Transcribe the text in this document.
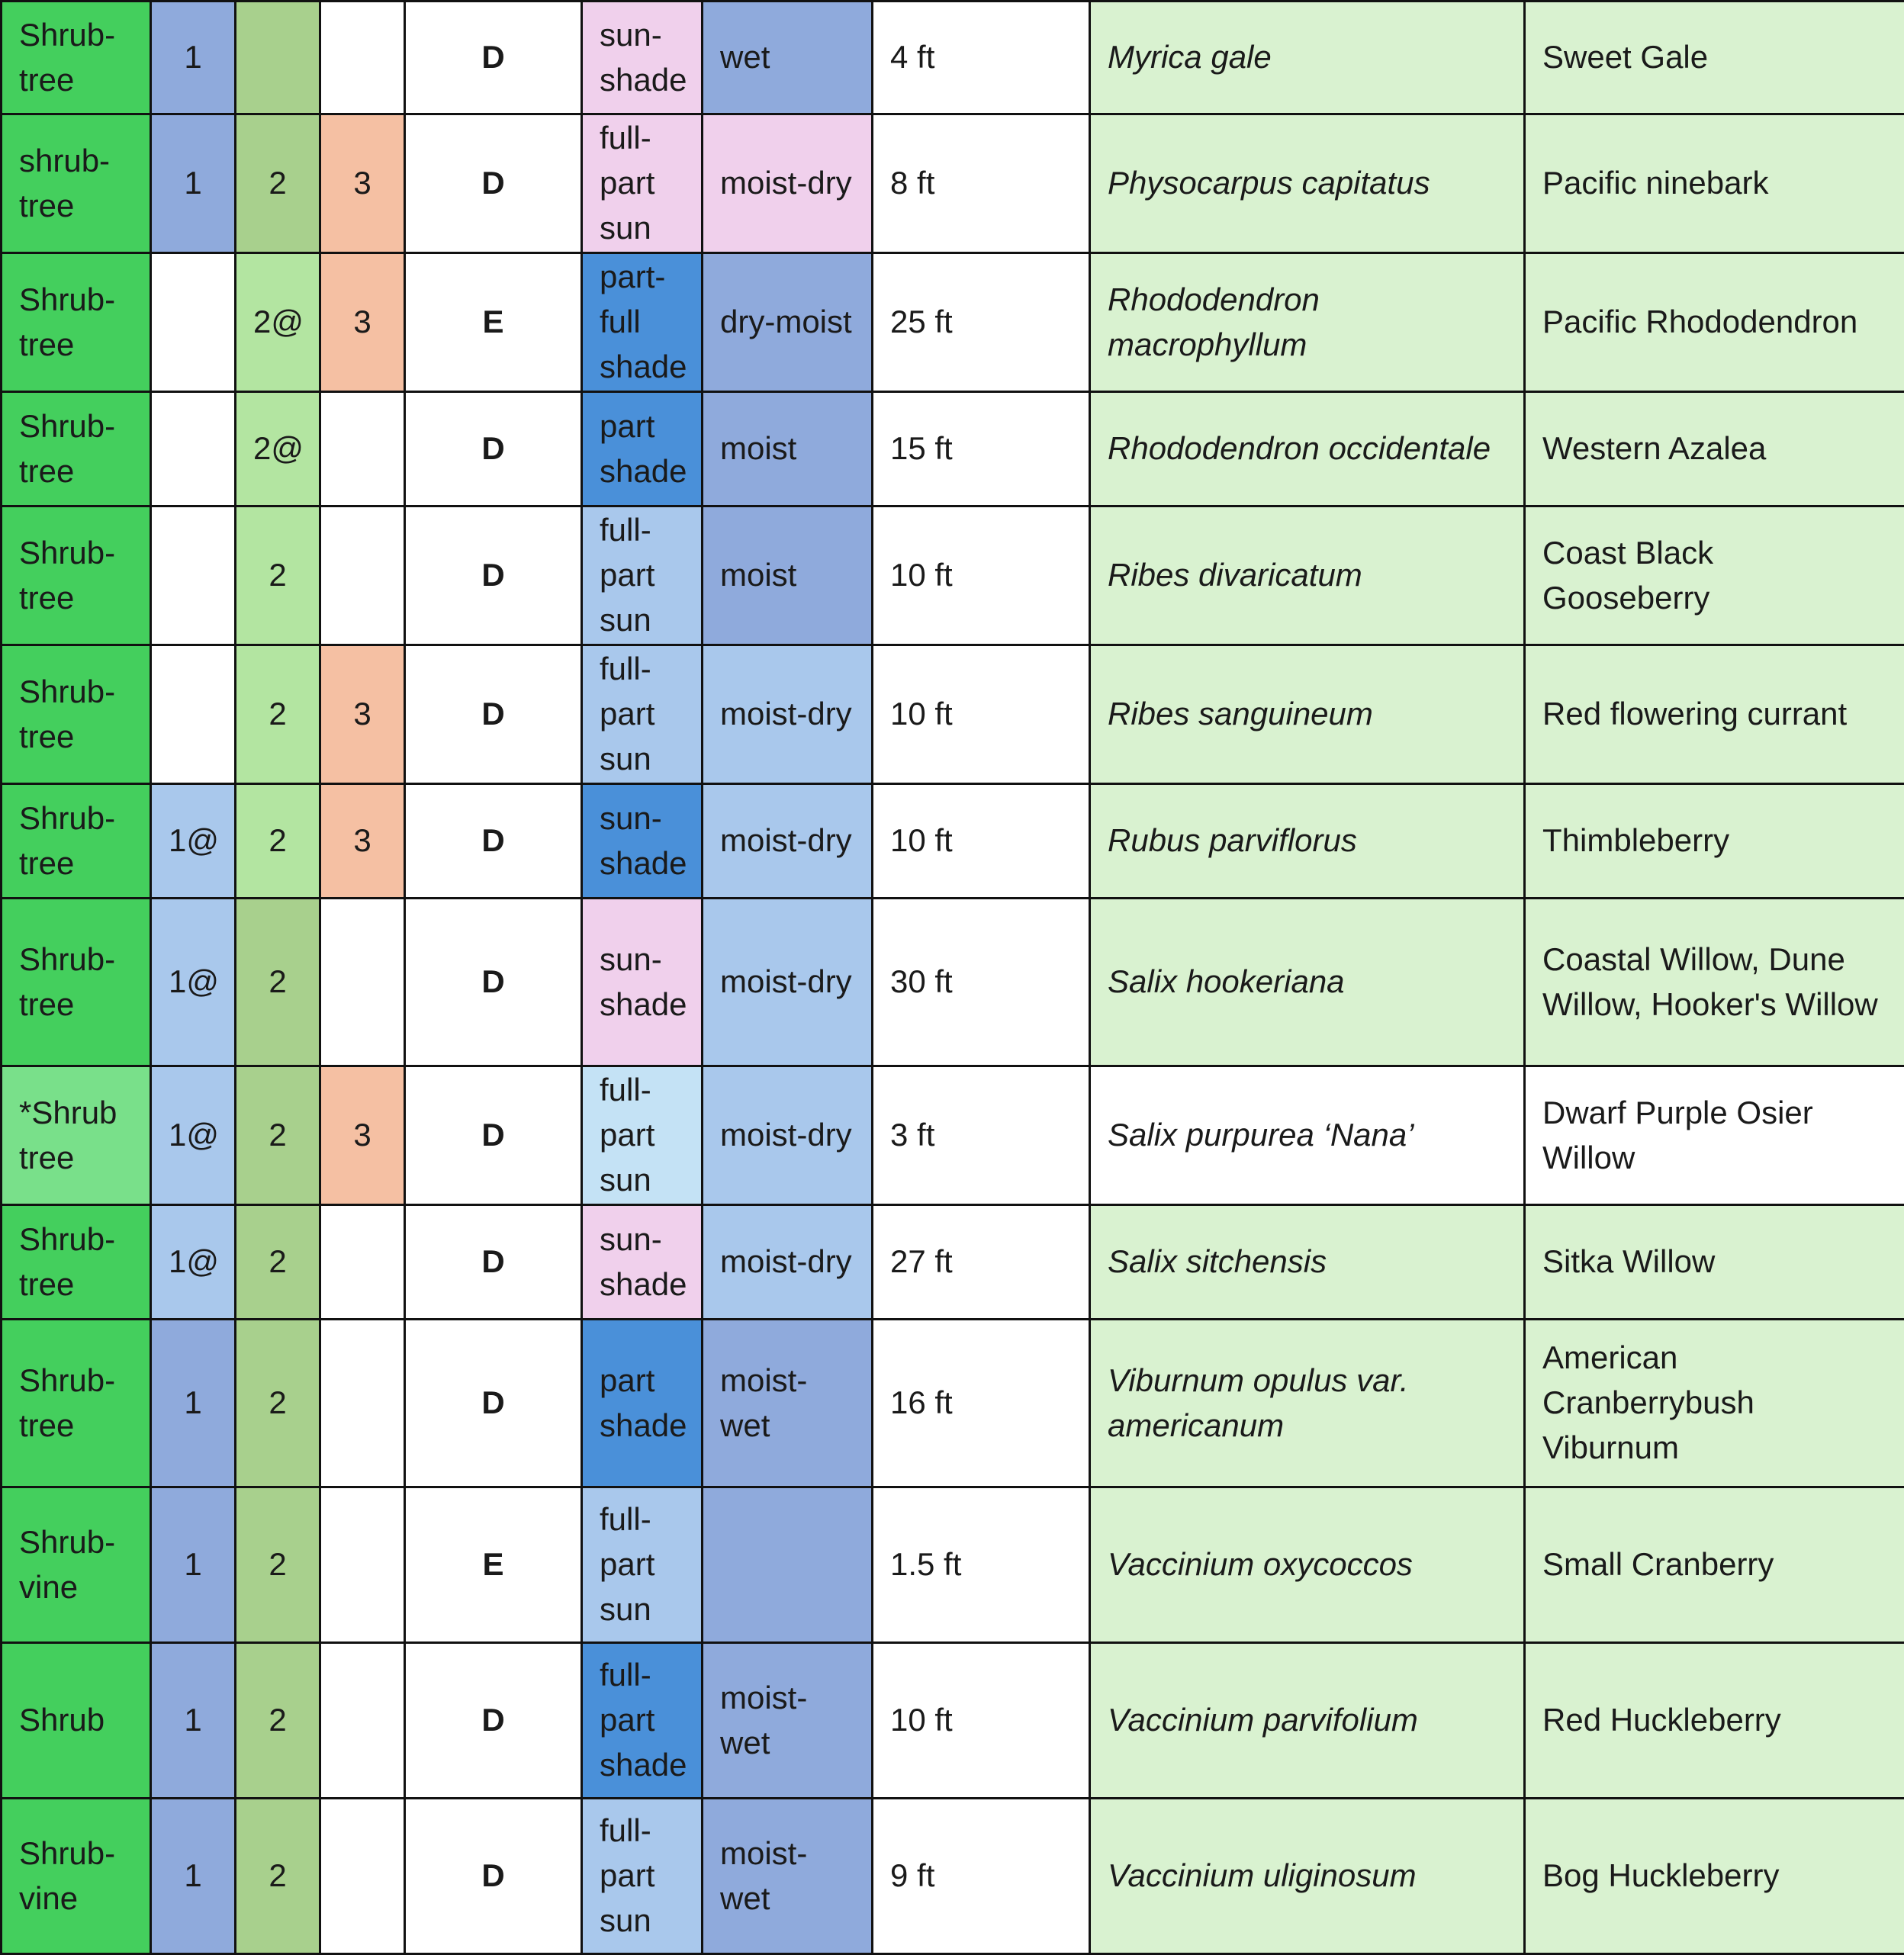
Shrub-tree	1			D	sun-
shade	wet	4 ft	Myrica gale	Sweet Gale
shrub-tree	1	2	3	D	full-
part
sun	moist-dry	8 ft	Physocarpus capitatus	Pacific ninebark
Shrub-tree		2@	3	E	part-
full
shade	dry-moist	25 ft	Rhododendron macrophyllum	Pacific Rhododendron
Shrub-tree		2@		D	part
shade	moist	15 ft	Rhododendron occidentale	Western Azalea
Shrub-tree		2		D	full-
part
sun	moist	10 ft	Ribes divaricatum	Coast Black Gooseberry
Shrub-tree		2	3	D	full-
part
sun	moist-dry	10 ft	Ribes sanguineum	Red flowering currant
Shrub-tree	1@	2	3	D	sun-
shade	moist-dry	10 ft	Rubus parviflorus	Thimbleberry
Shrub-tree	1@	2		D	sun-
shade	moist-dry	30 ft	Salix hookeriana	Coastal Willow, Dune Willow, Hooker's Willow
*Shrub tree	1@	2	3	D	full-
part
sun	moist-dry	3 ft	Salix purpurea ‘Nana’	Dwarf Purple Osier Willow
Shrub-tree	1@	2		D	sun-
shade	moist-dry	27 ft	Salix sitchensis	Sitka Willow
Shrub-tree	1	2		D	part
shade	moist-wet	16 ft	Viburnum opulus var. americanum	American Cranberrybush Viburnum
Shrub-vine	1	2		E	full-
part
sun		1.5 ft	Vaccinium oxycoccos	Small Cranberry
Shrub	1	2		D	full-
part
shade	moist-wet	10 ft	Vaccinium parvifolium	Red Huckleberry
Shrub-vine	1	2		D	full-
part
sun	moist-wet	9 ft	Vaccinium uliginosum	Bog Huckleberry
